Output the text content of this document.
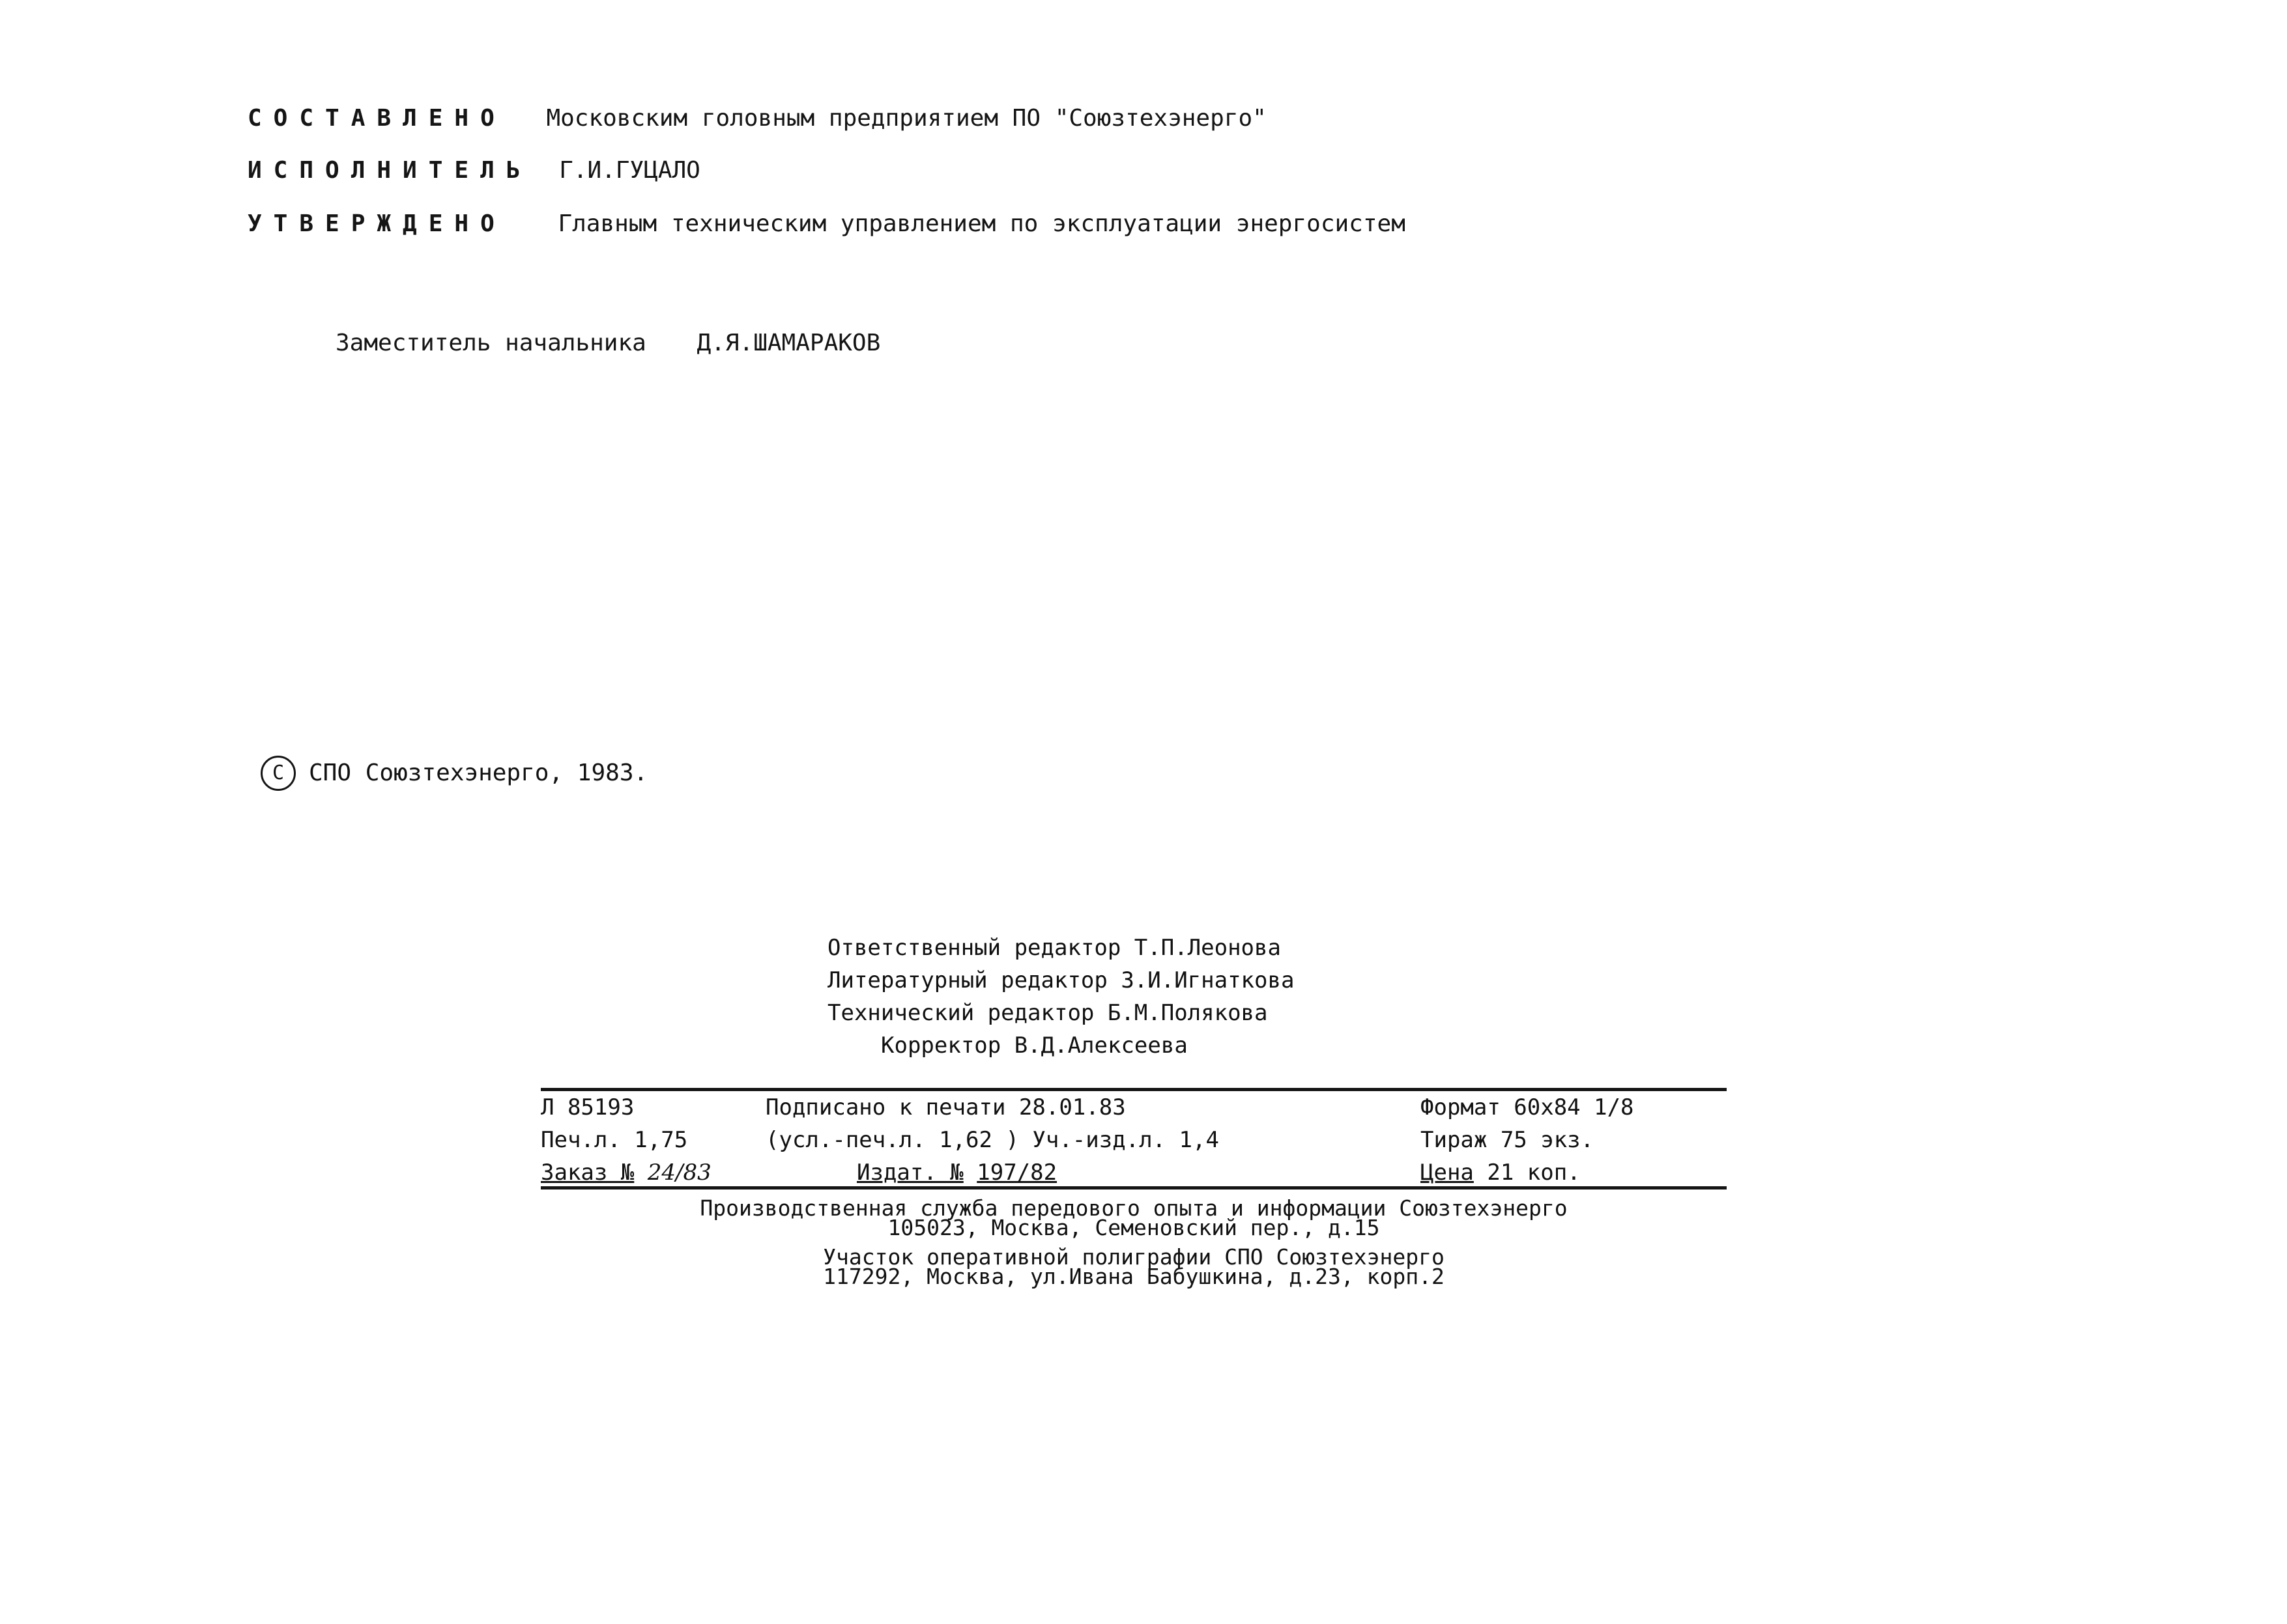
СОСТАВЛЕНО Московским головным предприятием ПО "Союзтехэнерго"
ИСПОЛНИТЕЛЬ Г.И.ГУЦАЛО
УТВЕРЖДЕНО Главным техническим управлением по эксплуатации энергосистем
Заместитель начальника Д.Я.ШАМАРАКОВ
С	СПО Союзтехэнерго, 1983.
Ответственный редактор Т.П.Леонова
Литературный редактор З.И.Игнаткова
Технический редактор Б.М.Полякова
Корректор В.Д.Алексеева
Л 85193	Подписано к печати 28.01.83	Формат 60x84 1/8
Печ.л. 1,75	(усл.-печ.л. 1,62 ) Уч.-изд.л. 1,4	Тираж 75 экз.
Заказ № 24/83	Издат. № 197/82	Цена 21 коп.
Производственная служба передового опыта и информации Союзтехэнерго
105023, Москва, Семеновский пер., д.15
Участок оперативной полиграфии СПО Союзтехэнерго
117292, Москва, ул.Ивана Бабушкина, д.23, корп.2
